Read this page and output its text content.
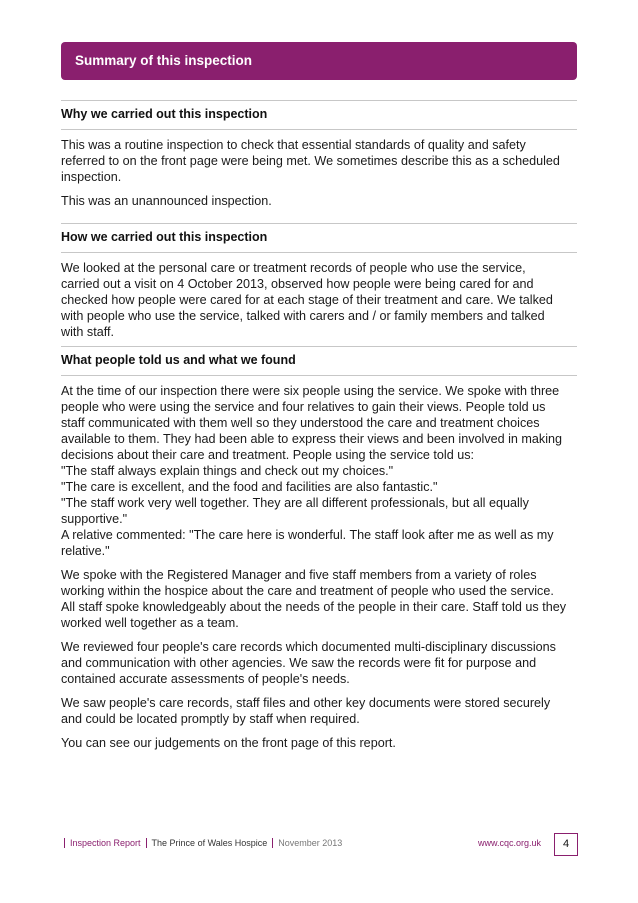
Summary of this inspection
Why we carried out this inspection
This was a routine inspection to check that essential standards of quality and safety
referred to on the front page were being met. We sometimes describe this as a scheduled
inspection.
This was an unannounced inspection.
How we carried out this inspection
We looked at the personal care or treatment records of people who use the service,
carried out a visit on 4 October 2013, observed how people were being cared for and
checked how people were cared for at each stage of their treatment and care. We talked
with people who use the service, talked with carers and / or family members and talked
with staff.
What people told us and what we found
At the time of our inspection there were six people using the service. We spoke with three
people who were using the service and four relatives to gain their views. People told us
staff communicated with them well so they understood the care and treatment choices
available to them. They had been able to express their views and been involved in making
decisions about their care and treatment. People using the service told us:
"The staff always explain things and check out my choices."
"The care is excellent, and the food and facilities are also fantastic."
"The staff work very well together. They are all different professionals, but all equally
supportive."
A relative commented: "The care here is wonderful. The staff look after me as well as my
relative."
We spoke with the Registered Manager and five staff members from a variety of roles
working within the hospice about the care and treatment of people who used the service.
All staff spoke knowledgeably about the needs of the people in their care. Staff told us they
worked well together as a team.
We reviewed four people's care records which documented multi-disciplinary discussions
and communication with other agencies. We saw the records were fit for purpose and
contained accurate assessments of people's needs.
We saw people's care records, staff files and other key documents were stored securely
and could be located promptly by staff when required.
You can see our judgements on the front page of this report.
Inspection Report The Prince of Wales Hospice November 2013	www.cqc.org.uk	4
